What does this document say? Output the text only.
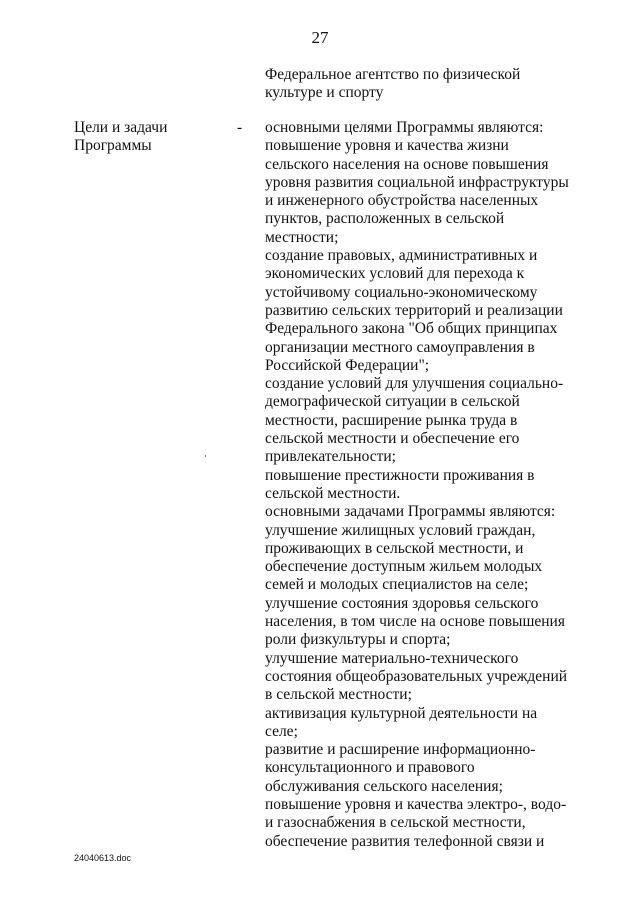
27
Федеральное агентство по физической
культуре и спорту
Цели и задачи
Программы
- основными целями Программы являются:
повышение уровня и качества жизни
сельского населения на основе повышения
уровня развития социальной инфраструктуры
и инженерного обустройства населенных
пунктов, расположенных в сельской
местности;
создание правовых, административных и
экономических условий для перехода к
устойчивому социально-экономическому
развитию сельских территорий и реализации
Федерального закона "Об общих принципах
организации местного самоуправления в
Российской Федерации";
создание условий для улучшения социально-
демографической ситуации в сельской
местности, расширение рынка труда в
сельской местности и обеспечение его
привлекательности;
повышение престижности проживания в
сельской местности.
основными задачами Программы являются:
улучшение жилищных условий граждан,
проживающих в сельской местности, и
обеспечение доступным жильем молодых
семей и молодых специалистов на селе;
улучшение состояния здоровья сельского
населения, в том числе на основе повышения
роли физкультуры и спорта;
улучшение материально-технического
состояния общеобразовательных учреждений
в сельской местности;
активизация культурной деятельности на
селе;
развитие и расширение информационно-
консультационного и правового
обслуживания сельского населения;
повышение уровня и качества электро-, водо-
и газоснабжения в сельской местности,
обеспечение развития телефонной связи и
24040613.doc
